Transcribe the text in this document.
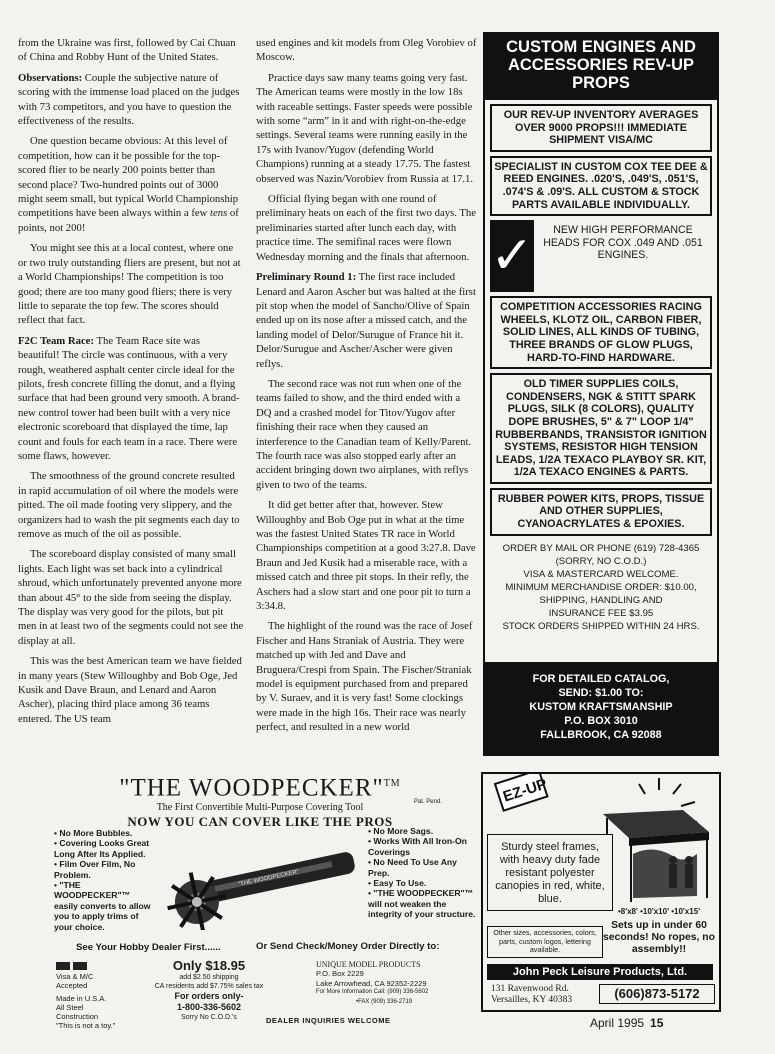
from the Ukraine was first, followed by Cai Chuan of China and Robby Hunt of the United States.

Observations: Couple the subjective nature of scoring with the immense load placed on the judges with 73 competitors, and you have to question the effectiveness of the results.

One question became obvious: At this level of competition, how can it be possible for the top-scored flier to be nearly 200 points better than second place? Two-hundred points out of 3000 might seem small, but typical World Championship competitions have been always within a few tens of points, not 200!

You might see this at a local contest, where one or two truly outstanding fliers are present, but not at a World Championships! The competition is too good; there are too many good fliers; there is very little to separate the top few. The scores should reflect that fact.

F2C Team Race: The Team Race site was beautiful! The circle was continuous, with a very rough, weathered asphalt center circle ideal for the pilots, fresh concrete filling the donut, and a flying surface that had been ground very smooth. A brand-new control tower had been built with a very nice electronic scoreboard that displayed the time, lap count and fouls for each team in a race. There were some flaws, however.

The smoothness of the ground concrete resulted in rapid accumulation of oil where the models were pitted. The oil made footing very slippery, and the organizers had to wash the pit segments each day to remove as much of the oil as possible.

The scoreboard display consisted of many small lights. Each light was set back into a cylindrical shroud, which unfortunately prevented anyone more than about 45° to the side from seeing the display. The display was very good for the pilots, but pit men in at least two of the segments could not see the display at all.

This was the best American team we have fielded in many years (Stew Willoughby and Bob Oge, Jed Kusik and Dave Braun, and Lenard and Aaron Ascher), placing third place among 36 teams entered. The US team

used engines and kit models from Oleg Vorobiev of Moscow.

Practice days saw many teams going very fast. The American teams were mostly in the low 18s with raceable settings. Faster speeds were possible with some “arm” in it and with right-on-the-edge settings. Several teams were running easily in the 17s with Ivanov/Yugov (defending World Champions) running at a steady 17.75. The fastest observed was Nazin/Vorobiev from Russia at 17.1.

Official flying began with one round of preliminary heats on each of the first two days. The preliminaries started after lunch each day, with practice time. The semifinal races were flown Wednesday morning and the finals that afternoon.

Preliminary Round 1: The first race included Lenard and Aaron Ascher but was halted at the first pit stop when the model of Sancho/Olive of Spain ended up on its nose after a missed catch, and the landing model of Delor/Surugue of France hit it. Delor/Surugue and Ascher/Ascher were given reflys.

The second race was not run when one of the teams failed to show, and the third ended with a DQ and a crashed model for Titov/Yugov after finishing their race when they caused an interference to the Canadian team of Kelly/Parent. The fourth race was also stopped early after an accident bringing down two airplanes, with reflys given to two of the teams.

It did get better after that, however. Stew Willoughby and Bob Oge put in what at the time was the fastest United States TR race in World Championships competition at a good 3:27.8. Dave Braun and Jed Kusik had a miserable race, with a missed catch and three pit stops. In their refly, the Aschers had a slow start and one poor pit to turn a 3:34.8.

The highlight of the round was the race of Josef Fischer and Hans Straniak of Austria. They were matched up with Jed and Dave and Bruguera/Crespi from Spain. The Fischer/Straniak model is equipment purchased from and prepared by V. Suraev, and it is very fast! Some clockings were made in the high 16s. Their race was nearly perfect, and resulted in a new world

CUSTOM ENGINES AND ACCESSORIES REV-UP PROPS
OUR REV-UP INVENTORY AVERAGES OVER 9000 PROPS!!! IMMEDIATE SHIPMENT VISA/MC
SPECIALIST IN CUSTOM COX TEE DEE & REED ENGINES. .020'S, .049'S, .051'S, .074'S & .09'S. ALL CUSTOM & STOCK PARTS AVAILABLE INDIVIDUALLY.
✓	NEW HIGH PERFORMANCE HEADS FOR COX .049 AND .051 ENGINES.
COMPETITION ACCESSORIES RACING WHEELS, KLOTZ OIL, CARBON FIBER, SOLID LINES, ALL KINDS OF TUBING, THREE BRANDS OF GLOW PLUGS, HARD-TO-FIND HARDWARE.
OLD TIMER SUPPLIES COILS, CONDENSERS, NGK & STITT SPARK PLUGS, SILK (8 COLORS), QUALITY DOPE BRUSHES, 5" & 7" LOOP 1/4" RUBBERBANDS, TRANSISTOR IGNITION SYSTEMS, RESISTOR HIGH TENSION LEADS, 1/2A TEXACO PLAYBOY SR. KIT, 1/2A TEXACO ENGINES & PARTS.
RUBBER POWER KITS, PROPS, TISSUE AND OTHER SUPPLIES, CYANOACRYLATES & EPOXIES.
ORDER BY MAIL OR PHONE (619) 728-4365
(SORRY, NO C.O.D.)
VISA & MASTERCARD WELCOME.
MINIMUM MERCHANDISE ORDER: $10.00,
SHIPPING, HANDLING AND
INSURANCE FEE $3.95
STOCK ORDERS SHIPPED WITHIN 24 HRS.
FOR DETAILED CATALOG,
SEND: $1.00 TO:
KUSTOM KRAFTSMANSHIP
P.O. BOX 3010
FALLBROOK, CA 92088
"THE WOODPECKER"™
Pat. Pend.
The First Convertible Multi-Purpose Covering Tool
NOW YOU CAN COVER LIKE THE PROS
• No More Bubbles.
• Covering Looks Great Long After Its Applied.
• Film Over Film, No Problem.
• "THE WOODPECKER"™ easily converts to allow you to apply trims of your choice.
"THE WOODPECKER"
• No More Sags.
• Works With All Iron-On Coverings
• No Need To Use Any Prep.
• Easy To Use.
• "THE WOODPECKER"™ will not weaken the integrity of your structure.
See Your Hobby Dealer First......	Or Send Check/Money Order Directly to:
Visa & M/C Accepted
Made in U.S.A.
All Steel Construction
"This is not a toy."
Only $18.95
add $2.50 shipping
CA residents add $7.75% sales tax
For orders only-
1-800-336-5602
Sorry No C.O.D.'s
UNIQUE MODEL PRODUCTS
P.O. Box 2229
Lake Arrowhead, CA 92352-2229
For More Information Call: (909) 336-5602
•FAX (909) 336-2719
DEALER INQUIRIES WELCOME
EZ-UP
Sturdy steel frames, with heavy duty fade resistant polyester canopies in red, white, blue.
•8'x8' •10'x10' •10'x15'
Sets up in under 60 seconds! No ropes, no assembly!!
Other sizes, accessories, colors, parts, custom logos, lettering available.
John Peck Leisure Products, Ltd.
131 Ravenwood Rd.
Versailles, KY 40383	(606)873-5172
April 1995 15
